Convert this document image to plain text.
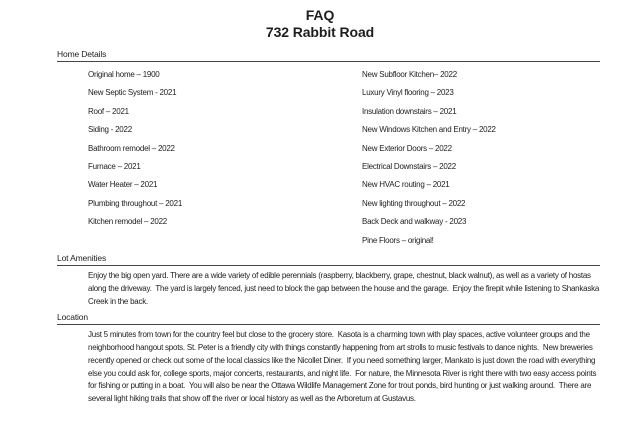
FAQ
732 Rabbit Road
Home Details
Original home – 1900
New Septic System - 2021
Roof – 2021
Siding - 2022
Bathroom remodel – 2022
Furnace – 2021
Water Heater – 2021
Plumbing throughout – 2021
Kitchen remodel – 2022
New Subfloor Kitchen– 2022
Luxury Vinyl flooring – 2023
Insulation downstairs – 2021
New Windows Kitchen and Entry – 2022
New Exterior Doors – 2022
Electrical Downstairs – 2022
New HVAC routing – 2021
New lighting throughout – 2022
Back Deck and walkway - 2023
Pine Floors – original!
Lot Amenities
Enjoy the big open yard. There are a wide variety of edible perennials (raspberry, blackberry, grape, chestnut, black walnut), as well as a variety of hostas along the driveway.  The yard is largely fenced, just need to block the gap between the house and the garage.  Enjoy the firepit while listening to Shankaska Creek in the back.
Location
Just 5 minutes from town for the country feel but close to the grocery store.  Kasota is a charming town with play spaces, active volunteer groups and the neighborhood hangout spots. St. Peter is a friendly city with things constantly happening from art strolls to music festivals to dance nights.  New breweries recently opened or check out some of the local classics like the Nicollet Diner.  If you need something larger, Mankato is just down the road with everything else you could ask for, college sports, major concerts, restaurants, and night life.  For nature, the Minnesota River is right there with two easy access points for fishing or putting in a boat.  You will also be near the Ottawa Wildlife Management Zone for trout ponds, bird hunting or just walking around.  There are several light hiking trails that show off the river or local history as well as the Arboretum at Gustavus.
